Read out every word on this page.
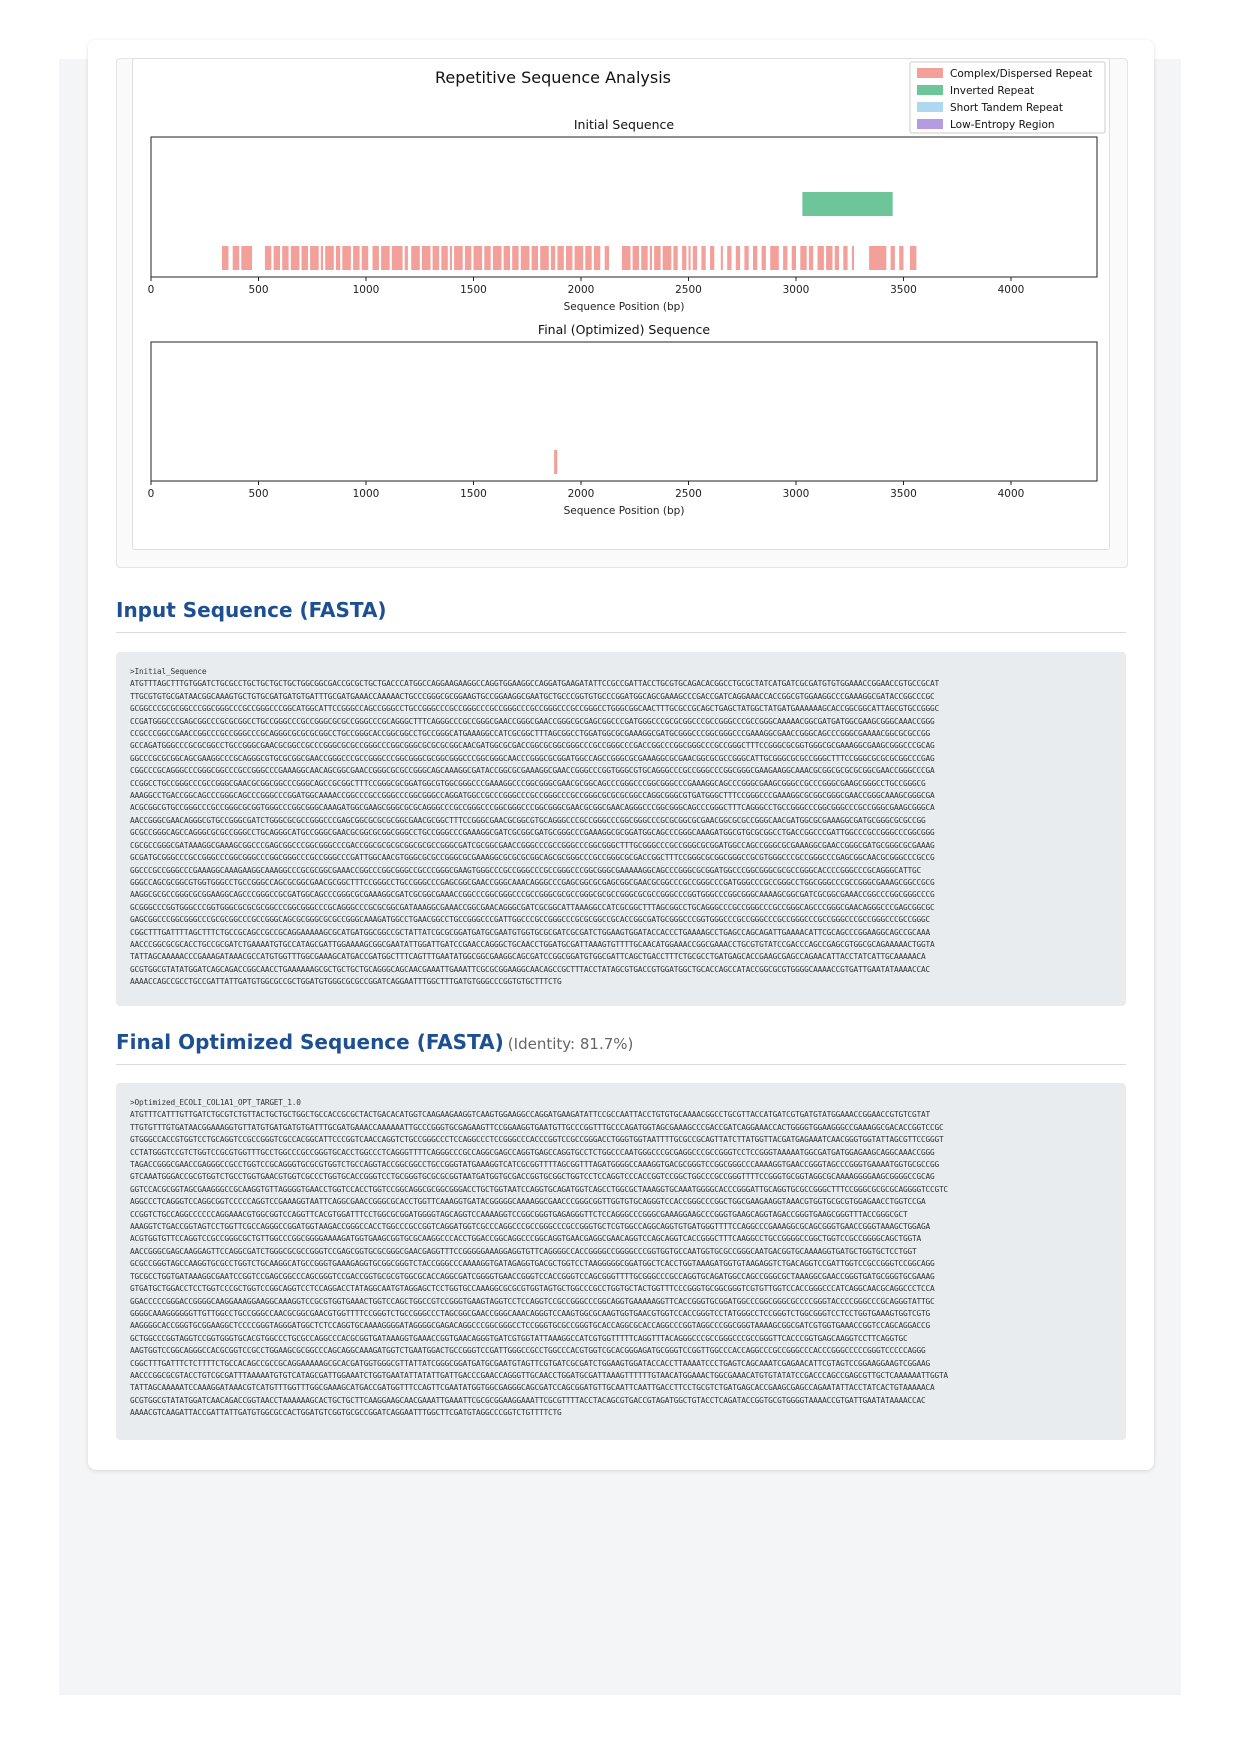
Repetitive Sequence Analysis
Initial Sequence
0	500	1000	1500	2000	2500	3000	3500	4000
Sequence Position (bp)
Final (Optimized) Sequence
0	500	1000	1500	2000	2500	3000	3500	4000
Sequence Position (bp)
Complex/Dispersed Repeat
Inverted Repeat
Short Tandem Repeat
Low-Entropy Region
Input Sequence (FASTA)
>Initial_Sequence
ATGTTTAGCTTTGTGGATCTGCGCCTGCTGCTGCTGCTGGCGGCGACCGCGCTGCTGACCCATGGCCAGGAAGAAGGCCAGGTGGAAGGCCAGGATGAAGATATTCCGCCGATTACCTGCGTGCAGACACGGCCTGCGCTATCATGATCGCGATGTGTGGAAACCGGAACCGTGCCGCAT
TTGCGTGTGCGATAACGGCAAAGTGCTGTGCGATGATGTGATTTGCGATGAAACCAAAAACTGCCCGGGCGCGGAAGTGCCGGAAGGCGAATGCTGCCCGGTGTGCCCGGATGGCAGCGAAAGCCCGACCGATCAGGAAACCACCGGCGTGGAAGGCCCGAAAGGCGATACCGGCCCGC
GCGGCCCGCGCGGCCCGGCGGGCCCGCCGGGCCCGGCATGGCATTCCGGGCCAGCCGGGCCTGCCGGGCCCGCCGGGCCCGCCGGGCCCGCCGGGCCCGCCGGGCCTGGGCGGCAACTTTGCGCCGCAGCTGAGCTATGGCTATGATGAAAAAAGCACCGGCGGCATTAGCGTGCCGGGC
CCGATGGGCCCGAGCGGCCCGCGCGGCCTGCCGGGCCCGCCGGGCGCGCCGGGCCCGCAGGGCTTTCAGGGCCCGCCGGGCGAACCGGGCGAACCGGGCGCGAGCGGCCCGATGGGCCCGCGCGGCCCGCCGGGCCCGCCGGGCAAAAACGGCGATGATGGCGAAGCGGGCAAACCGGG
CCGCCCGGCCGAACCGGCCCGCCGGGCCCGCAGGGCGCGCGCGGCCTGCCGGGCACCGGCGGCCTGCCGGGCATGAAAGGCCATCGCGGCTTTAGCGGCCTGGATGGCGCGAAAGGCGATGCGGGCCCGGCGGGCCCGAAAGGCGAACCGGGCAGCCCGGGCGAAAACGGCGCGCCGG
GCCAGATGGGCCCGCGCGGCCTGCCGGGCGAACGCGGCCGCCCGGGCGCGCCGGGCCCGGCGGGCGCGCGCGGCAACGATGGCGCGACCGGCGCGGCGGGCCCGCCGGGCCCGACCGGCCCGGCGGGCCCGCCGGGCTTTCCGGGCGCGGTGGGCGCGAAAGGCGAAGCGGGCCCGCAG
GGCCCGCGCGGCAGCGAAGGCCCGCAGGGCGTGCGCGGCGAACCGGGCCCGCCGGGCCCGGCGGGCGCGGCGGGCCCGGCGGGCAACCCGGGCGCGGATGGCCAGCCGGGCGCGAAAGGCGCGAACGGCGCGCCGGGCATTGCGGGCGCGCCGGGCTTTCCGGGCGCGCGCGGCCCGAG
CGGCCCGCAGGGCCCGGGCGGCCCGCCGGGCCCGAAAGGCAACAGCGGCGAACCGGGCGCGCCGGGCAGCAAAGGCGATACCGGCGCGAAAGGCGAACCGGGCCCGGTGGGCGTGCAGGGCCCGCCGGGCCCGGCGGGCGAAGAAGGCAAACGCGGCGCGCGCGGCGAACCGGGCCCGA
CCGGCCTGCCGGGCCCGCCGGGCGAACGCGGCGGCCCGGGCAGCCGCGGCTTTCCGGGCGCGGATGGCGTGGCGGGCCCGAAAGGCCCGGCGGGCGAACGCGGCAGCCCGGGCCCGGCGGGCCCGAAAGGCAGCCCGGGCGAAGCGGGCCGCCCGGGCGAAGCGGGCCTGCCGGGCG
AAAGGCCTGACCGGCAGCCCGGGCAGCCCGGGCCCGGATGGCAAAACCGGCCCGCCGGGCCCGGCGGGCCAGGATGGCCGCCCGGGCCCGCCGGGCCCGCCGGGCGCGCGCGGCCAGGCGGGCGTGATGGGCTTTCCGGGCCCGAAAGGCGCGGCGGGCGAACCGGGCAAAGCGGGCGA
ACGCGGCGTGCCGGGCCCGCCGGGCGCGGTGGGCCCGGCGGGCAAAGATGGCGAAGCGGGCGCGCAGGGCCCGCCGGGCCCGGCGGGCCCGGCGGGCGAACGCGGCGAACAGGGCCCGGCGGGCAGCCCGGGCTTTCAGGGCCTGCCGGGCCCGGCGGGCCCGCCGGGCGAAGCGGGCA
AACCGGGCGAACAGGGCGTGCCGGGCGATCTGGGCGCGCCGGGCCCGAGCGGCGCGCGCGGCGAACGCGGCTTTCCGGGCGAACGCGGCGTGCAGGGCCCGCCGGGCCCGGCGGGCCCGCGCGGCGCGAACGGCGCGCCGGGCAACGATGGCGCGAAAGGCGATGCGGGCGCGCCGG
GCGCCGGGCAGCCAGGGCGCGCCGGGCCTGCAGGGCATGCCGGGCGAACGCGGCGCGGCGGGCCTGCCGGGCCCGAAAGGCGATCGCGGCGATGCGGGCCCGAAAGGCGCGGATGGCAGCCCGGGCAAAGATGGCGTGCGCGGCCTGACCGGCCCGATTGGCCCGCCGGGCCCGGCGGG
CGCGCCGGGCGATAAAGGCGAAAGCGGCCCGAGCGGCCCGGCGGGCCCGACCGGCGCGCGCGGCGCGCCGGGCGATCGCGGCGAACCGGGCCCGCCGGGCCCGGCGGGCTTTGCGGGCCCGCCGGGCGCGGATGGCCAGCCGGGCGCGAAAGGCGAACCGGGCGATGCGGGCGCGAAAG
GCGATGCGGGCCCGCCGGGCCCGGCGGGCCCGGCGGGCCCGCCGGGCCCGATTGGCAACGTGGGCGCGCCGGGCGCGAAAGGCGCGCGCGGCAGCGCGGGCCCGCCGGGCGCGACCGGCTTTCCGGGCGCGGCGGGCCGCGTGGGCCCGCCGGGCCCGAGCGGCAACGCGGGCCCGCCG
GGCCCGCCGGGCCCGAAAGGCAAAGAAGGCAAAGGCCCGCGCGGCGAAACCGGCCCGGCGGGCCGCCCGGGCGAAGTGGGCCCGCCGGGCCCGCCGGGCCCGGCGGGCGAAAAAGGCAGCCCGGGCGCGGATGGCCCGGCGGGCGCGCCGGGCACCCCGGGCCCGCAGGGCATTGC
GGGCCAGCGCGGCGTGGTGGGCCTGCCGGGCCAGCGCGGCGAACGCGGCTTTCCGGGCCTGCCGGGCCCGAGCGGCGAACCGGGCAAACAGGGCCCGAGCGGCGCGAGCGGCGAACGCGGCCCGCCGGGCCCGATGGGCCCGCCGGGCCTGGCGGGCCCGCCGGGCGAAAGCGGCCGCG
AAGGCGCGCCGGGCGCGGAAGGCAGCCCGGGCCGCGATGGCAGCCCGGGCGCGAAAGGCGATCGCGGCGAAACCGGCCCGGCGGGCCCGCCGGGCGCGCCGGGCGCGCCGGGCGCGCCGGGCCCGGTGGGCCCGGCGGGCAAAAGCGGCGATCGCGGCGAAACCGGCCCGGCGGGCCCG
GCGGGCCCGGTGGGCCCGGTGGGCGCGCGCGGCCCGGCGGGCCCGCAGGGCCCGCGCGGCGATAAAGGCGAAACCGGCGAACAGGGCGATCGCGGCATTAAAGGCCATCGCGGCTTTAGCGGCCTGCAGGGCCCGCCGGGCCCGCCGGGCAGCCCGGGCGAACAGGGCCCGAGCGGCGC
GAGCGGCCCGGCGGGCCCGCGCGGCCCGCCGGGCAGCGCGGGCGCGCCGGGCAAAGATGGCCTGAACGGCCTGCCGGGCCCGATTGGCCCGCCGGGCCCGCGCGGCCGCACCGGCGATGCGGGCCCGGTGGGCCCGCCGGGCCCGCCGGGCCCGCCGGGCCCGCCGGGCCCGCCGGGC
CGGCTTTGATTTTAGCTTTCTGCCGCAGCCGCCGCAGGAAAAAGCGCATGATGGCGGCCGCTATTATCGCGCGGATGATGCGAATGTGGTGCGCGATCGCGATCTGGAAGTGGATACCACCCTGAAAAGCCTGAGCCAGCAGATTGAAAACATTCGCAGCCCGGAAGGCAGCCGCAAA
AACCCGGCGCGCACCTGCCGCGATCTGAAAATGTGCCATAGCGATTGGAAAAGCGGCGAATATTGGATTGATCCGAACCAGGGCTGCAACCTGGATGCGATTAAAGTGTTTTGCAACATGGAAACCGGCGAAACCTGCGTGTATCCGACCCAGCCGAGCGTGGCGCAGAAAAACTGGTA
TATTAGCAAAAACCCGAAAGATAAACGCCATGTGGTTTGGCGAAAGCATGACCGATGGCTTTCAGTTTGAATATGGCGGCGAAGGCAGCGATCCGGCGGATGTGGCGATTCAGCTGACCTTTCTGCGCCTGATGAGCACCGAAGCGAGCCAGAACATTACCTATCATTGCAAAAACA
GCGTGGCGTATATGGATCAGCAGACCGGCAACCTGAAAAAAGCGCTGCTGCTGCAGGGCAGCAACGAAATTGAAATTCGCGCGGAAGGCAACAGCCGCTTTACCTATAGCGTGACCGTGGATGGCTGCACCAGCCATACCGGCGCGTGGGGCAAAACCGTGATTGAATATAAAACCAC
AAAACCAGCCGCCTGCCGATTATTGATGTGGCGCCGCTGGATGTGGGCGCGCCGGATCAGGAATTTGGCTTTGATGTGGGCCCGGTGTGCTTTCTG
Final Optimized Sequence (FASTA) (Identity: 81.7%)
>Optimized_ECOLI_COL1A1_OPT_TARGET_1.0
ATGTTTCATTTGTTGATCTGCGTCTGTTACTGCTGCTGGCTGCCACCGCGCTACTGACACATGGTCAAGAAGAAGGTCAAGTGGAAGGCCAGGATGAAGATATTCCGCCAATTACCTGTGTGCAAAACGGCCTGCGTTACCATGATCGTGATGTATGGAAACCGGAACCGTGTCGTAT
TTGTGTTTGTGATAACGGAAAGGTGTTATGTGATGATGTGATTTGCGATGAAACCAAAAAATTGCCCGGGTGCGAGAAGTTCCGGAAGGTGAATGTTGCCCGGTTTGCCCAGATGGTAGCGAAAGCCCGACCGATCAGGAAACCACTGGGGTGGAAGGGCCGAAAGGCGACACCGGTCCGC
GTGGGCCACCGTGGTCCTGCAGGTCCGCCGGGTCGCCACGGCATTCCCGGTCAACCAGGTCTGCCGGGCCCTCCAGGCCCTCCGGGCCCACCCGGTCCGCCGGGACCTGGGTGGTAATTTTGCGCCGCAGTTATCTTATGGTTACGATGAGAAATCAACGGGTGGTATTAGCGTTCCGGGT
CCTATGGGTCCGTCTGGTCCGCGTGGTTTGCCTGGCCCGCCGGGTGCACCTGGCCCTCAGGGTTTTCAGGGCCCGCCAGGCGAGCCAGGTGAGCCAGGTGCCTCTGGCCCAATGGGCCCGCGAGGCCCGCCGGGTCCTCCGGGTAAAAATGGCGATGATGGAGAAGCAGGCAAACCGGG
TAGACCGGGCGAACCGAGGGCCGCCTGGTCCGCAGGGTGCGCGTGGTCTGCCAGGTACCGGCGGCCTGCCGGGTATGAAAGGTCATCGCGGTTTTAGCGGTTTAGATGGGGCCAAAGGTGACGCGGGTCCGGCGGGCCCAAAAGGTGAACCGGGTAGCCCGGGTGAAAATGGTGCGCCGG
GTCAAATGGGACCGCGTGGTCTGCCTGGTGAACGTGGTCGCCCTGGTGCACCGGGTCCTGCGGGTGCGCGCGGTAATGATGGTGCGACCGGTGCGGCTGGTCCTCCAGGTCCCACCGGTCCGGCTGGCCCGCCGGGTTTTCCGGGTGCGGTAGGCGCAAAAGGGGAAGCGGGGCCGCAG
GGTCCACGCGGTAGCGAAGGGCCGCAAGGTGTTAGGGGTGAACCTGGTCCACCTGGTCCGGCAGGCGCGGCGGGACCTGCTGGTAATCCAGGTGCAGATGGTCAGCCTGGCGCTAAAGGTGCAAATGGGGCACCCGGGATTGCAGGTGCGCCGGGCTTTCCGGGCGCGCGCAGGGGTCCGTC
AGGCCCTCAGGGTCCAGGCGGTCCCCCAGGTCCGAAAGGTAATTCAGGCGAACCGGGCGCACCTGGTTCAAAGGTGATACGGGGGCAAAAGGCGAACCCGGGCGGTTGGTGTGCAGGGTCCACCGGGCCCGGCTGGCGAAGAAGGTAAACGTGGTGCGCGTGGAGAACCTGGTCCGA
CCGGTCTGCCAGGCCCCCCAGGAAACGTGGCGGTCCAGGTTCACGTGGATTTCCTGGCGCGGATGGGGTAGCAGGTCCAAAAGGTCCGGCGGGTGAGAGGGTTCTCCAGGGCCCGGGCGAAAGGAAGCCCGGGTGAAGCAGGTAGACCGGGTGAAGCGGGTTTACCGGGCGCT
AAAGGTCTGACCGGTAGTCCTGGTTCGCCAGGGCCGGATGGTAAGACCGGGCCACCTGGCCCGCCGGTCAGGATGGTCGCCCAGGCCCGCCGGGCCCGCCGGGTGCTCGTGGCCAGGCAGGTGTGATGGGTTTTCCAGGCCCGAAAGGCGCAGCGGGTGAACCGGGTAAAGCTGGAGA
ACGTGGTGTTCCAGGTCCGCCGGGCGCTGTTGGCCCGGCGGGGAAAAGATGGTGAAGCGGTGCGCAAGGCCCACCTGGACCGGCAGGCCCGGCAGGTGAACGAGGCGAACAGGTCCAGCAGGTCACCGGGCTTTCAAGGCCTGCCGGGGCCGGCTGGTCCGCCGGGGCAGCTGGTA
AACCGGGCGAGCAAGGAGTTCCAGGCGATCTGGGCGCGCCGGGTCCGAGCGGTGCGCGGGCGAACGAGGTTTCCGGGGGAAAGGAGGTGTTCAGGGGCCACCGGGGCCGGGGCCCGGTGGTGCCAATGGTGCGCCGGGCAATGACGGTGCAAAAGGTGATGCTGGTGCTCCTGGT
GCGCCGGGTAGCCAAGGTGCGCCTGGTCTGCAAGGCATGCCGGGTGAAAGAGGTGCGGCGGGTCTACCGGGCCCAAAAGGTGATAGAGGTGACGCTGGTCCTAAGGGGGCGGATGGCTCACCTGGTAAAGATGGTGTAAGAGGTCTGACAGGTCCGATTGGTCCGCCGGGTCCGGCAGG
TGCGCCTGGTGATAAAGGCGAATCCGGTCCGAGCGGCCCAGCGGGTCCGACCGGTGCGCGTGGCGCACCAGGCGATCGGGGTGAACCGGGTCCACCGGGTCCAGCGGGTTTTGCGGGCCCGCCAGGTGCAGATGGCCAGCCGGGCGCTAAAGGCGAACCGGGTGATGCGGGTGCGAAAG
GTGATGCTGGACCTCCTGGTCCCGCTGGTCCGGCAGGTCCTCCAGGACCTATAGGCAATGTAGGAGCTCCTGGTGCCAAAGGCGCGCGTGGTAGTGCTGGCCCGCCTGGTGCTACTGGTTTCCCGGGTGCGGCGGGTCGTGTTGGTCCACCGGGCCCATCAGGCAACGCAGGCCCTCCA
GGACCCCCGGGACCGGGGCAAGGAAAGGAAGGCAAAGGTCCGCGTGGTGAAACTGGTCCAGCTGGCCGTCCGGGTGAAGTAGGTCCTCCAGGTCCGCCGGGCCCGGCAGGTGAAAAAGGTTCACCGGGTGCGGATGGCCCGGCGGGCGCCCCGGGTACCCCGGGCCCGCAGGGTATTGC
GGGGCAAAGGGGGGTTGTTGGCCTGCCGGGCCAACGCGGCGAACGTGGTTTTCCGGGTCTGCCGGGCCCTAGCGGCGAACCGGGCAAACAGGGTCCAAGTGGCGCAAGTGGTGAACGTGGTCCACCGGGTCCTATGGGCCTCCGGGTCTGGCGGGTCCTCCTGGTGAAAGTGGTCGTG
AAGGGGCACCGGGTGCGGAAGGCTCCCCGGGTAGGGATGGCTCTCCAGGTGCAAAAGGGGATAGGGGCGAGACAGGCCCGGCGGGCCTCCGGGTGCGCCGGGTGCACCAGGCGCACCAGGCCCGGTAGGCCCGGCGGGTAAAAGCGGCGATCGTGGTGAAACCGGTCCAGCAGGACCG
GCTGGCCCGGTAGGTCCGGTGGGTGCACGTGGCCCTGCGCCAGGCCCACGCGGTGATAAAGGTGAAACCGGTGAACAGGGTGATCGTGGTATTAAAGGCCATCGTGGTTTTTCAGGTTTACAGGGCCCGCCGGGCCCGCCGGGTTCACCCGGTGAGCAAGGTCCTTCAGGTGC
AAGTGGTCCGGCAGGGCCACGCGGTCCGCCTGGAAGCGCGGCCCAGCAGGCAAAGATGGTCTGAATGGACTGCCGGGTCCGATTGGGCCGCCTGGCCCACGTGGTCGCACGGGAGATGCGGGTCCGGTTGGCCCACCAGGCCCGCCGGGCCCACCCGGGCCCCCGGGTCCCCCAGGG
CGGCTTTGATTTCTCTTTTCTGCCACAGCCGCCGCAGGAAAAAGCGCACGATGGTGGGCGTTATTATCGGGCGGATGATGCGAATGTAGTTCGTGATCGCGATCTGGAAGTGGATACCACCTTAAAATCCCTGAGTCAGCAAATCGAGAACATTCGTAGTCCGGAAGGAAGTCGGAAG
AACCCGGCGCGTACCTGTCGCGATTTAAAAATGTGTCATAGCGATTGGAAATCTGGTGAATATTATATTGATTGACCCGAACCAGGGTTGCAACCTGGATGCGATTAAAGTTTTTTGTAACATGGAAACTGGCGAAACATGTGTATATCCGACCCAGCCGAGCGTTGCTCAAAAAATTGGTA
TATTAGCAAAAATCCAAAGGATAAACGTCATGTTTGGTTTGGCGAAAGCATGACCGATGGTTTCCAGTTCGAATATGGTGGCGAGGGCAGCGATCCAGCGGATGTTGCAATTCAATTGACCTTCCTGCGTCTGATGAGCACCGAAGCGAGCCAGAATATTACCTATCACTGTAAAAACA
GCGTGGCGTATATGGATCAACAGACCGGTAACCTAAAAAAGCACTGCTGCTTCAAGGAAGCAACGAAATTGAAATTCGCGCGGAAGGAAATTCGCGTTTTACCTACAGCGTGACCGTAGATGGCTGTACCTCAGATACCGGTGCGTGGGGTAAAACCGTGATTGAATATAAAACCAC
AAAACGTCAAGATTACCGATTATTGATGTGGCGCCACTGGATGTCGGTGCGCCGGATCAGGAATTTGGCTTCGATGTAGGCCCGGTCTGTTTTCTG
